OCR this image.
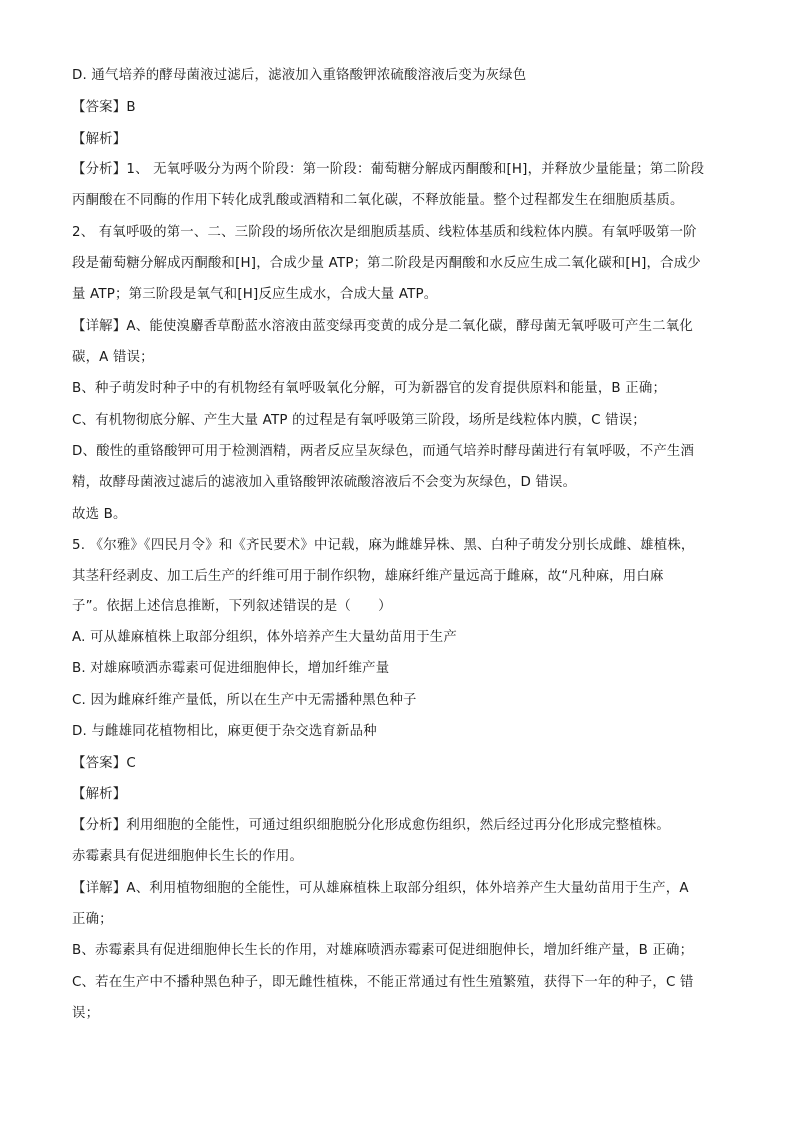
D. 通气培养的酵母菌液过滤后，滤液加入重铬酸钾浓硫酸溶液后变为灰绿色
【答案】B
【解析】
【分析】1、 无氧呼吸分为两个阶段：第一阶段：葡萄糖分解成丙酮酸和[H]，并释放少量能量；第二阶段
丙酮酸在不同酶的作用下转化成乳酸或酒精和二氧化碳，不释放能量。整个过程都发生在细胞质基质。
2、 有氧呼吸的第一、二、三阶段的场所依次是细胞质基质、线粒体基质和线粒体内膜。有氧呼吸第一阶
段是葡萄糖分解成丙酮酸和[H]，合成少量 ATP；第二阶段是丙酮酸和水反应生成二氧化碳和[H]，合成少
量 ATP；第三阶段是氧气和[H]反应生成水，合成大量 ATP。
【详解】A、能使溴麝香草酚蓝水溶液由蓝变绿再变黄的成分是二氧化碳，酵母菌无氧呼吸可产生二氧化
碳，A 错误；
B、种子萌发时种子中的有机物经有氧呼吸氧化分解，可为新器官的发育提供原料和能量，B 正确；
C、有机物彻底分解、产生大量 ATP 的过程是有氧呼吸第三阶段，场所是线粒体内膜，C 错误；
D、酸性的重铬酸钾可用于检测酒精，两者反应呈灰绿色，而通气培养时酵母菌进行有氧呼吸，不产生酒
精，故酵母菌液过滤后的滤液加入重铬酸钾浓硫酸溶液后不会变为灰绿色，D 错误。
故选 B。
5. 《尔雅》《四民月令》和《齐民要术》中记载，麻为雌雄异株、黑、白种子萌发分别长成雌、雄植株，
其茎秆经剥皮、加工后生产的纤维可用于制作织物，雄麻纤维产量远高于雌麻，故“凡种麻，用白麻
子”。依据上述信息推断，下列叙述错误的是（　　）
A. 可从雄麻植株上取部分组织，体外培养产生大量幼苗用于生产
B. 对雄麻喷洒赤霉素可促进细胞伸长，增加纤维产量
C. 因为雌麻纤维产量低，所以在生产中无需播种黑色种子
D. 与雌雄同花植物相比，麻更便于杂交选育新品种
【答案】C
【解析】
【分析】利用细胞的全能性，可通过组织细胞脱分化形成愈伤组织，然后经过再分化形成完整植株。
赤霉素具有促进细胞伸长生长的作用。
【详解】A、利用植物细胞的全能性，可从雄麻植株上取部分组织，体外培养产生大量幼苗用于生产，A
正确；
B、赤霉素具有促进细胞伸长生长的作用，对雄麻喷洒赤霉素可促进细胞伸长，增加纤维产量，B 正确；
C、若在生产中不播种黑色种子，即无雌性植株，不能正常通过有性生殖繁殖，获得下一年的种子，C 错
误；
